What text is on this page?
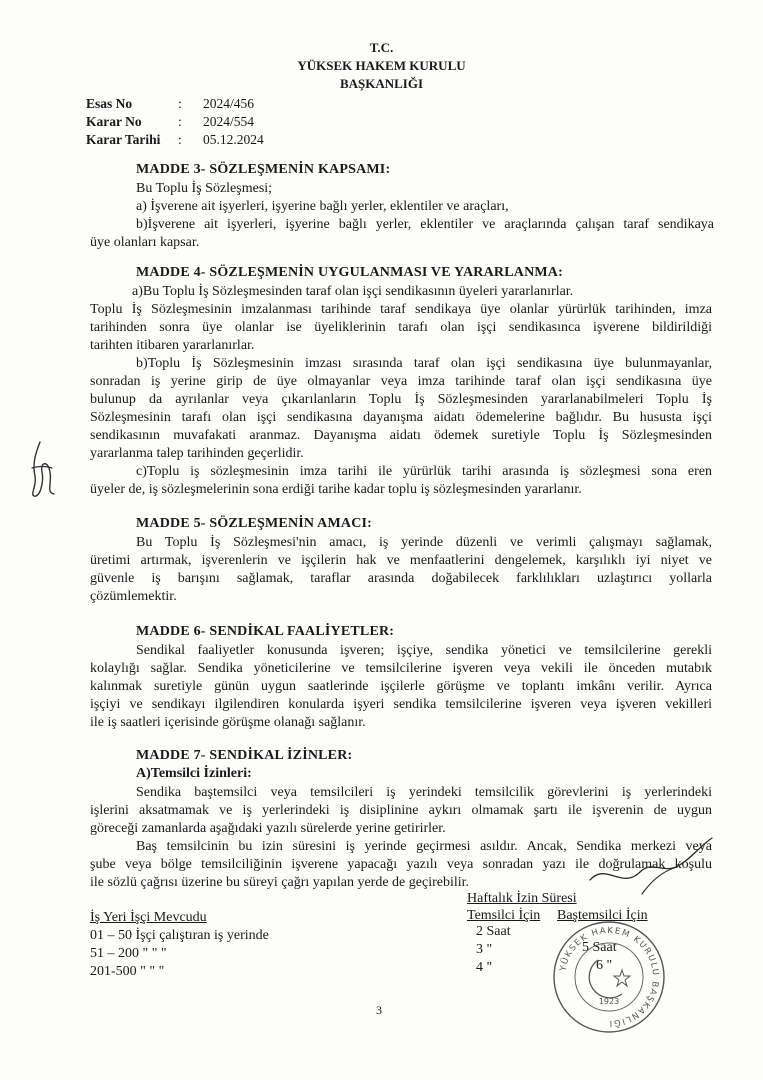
T.C.
YÜKSEK HAKEM KURULU
BAŞKANLIĞI
Esas No	: 2024/456
Karar No	: 2024/554
Karar Tarihi : 05.12.2024
MADDE 3- SÖZLEŞMENİN KAPSAMI:
Bu Toplu İş Sözleşmesi;
a) İşverene ait işyerleri, işyerine bağlı yerler, eklentiler ve araçları,
b)İşverene ait işyerleri, işyerine bağlı yerler, eklentiler ve araçlarında çalışan taraf sendikaya
üye olanları kapsar.
MADDE 4- SÖZLEŞMENİN UYGULANMASI VE YARARLANMA:
a)Bu Toplu İş Sözleşmesinden taraf olan işçi sendikasının üyeleri yararlanırlar.
Toplu İş Sözleşmesinin imzalanması tarihinde taraf sendikaya üye olanlar yürürlük tarihinden, imza
tarihinden sonra üye olanlar ise üyeliklerinin tarafı olan işçi sendikasınca işverene bildirildiği
tarihten itibaren yararlanırlar.
b)Toplu İş Sözleşmesinin imzası sırasında taraf olan işçi sendikasına üye bulunmayanlar,
sonradan iş yerine girip de üye olmayanlar veya imza tarihinde taraf olan işçi sendikasına üye
bulunup da ayrılanlar veya çıkarılanların Toplu İş Sözleşmesinden yararlanabilmeleri Toplu İş
Sözleşmesinin tarafı olan işçi sendikasına dayanışma aidatı ödemelerine bağlıdır. Bu hususta işçi
sendikasının muvafakati aranmaz. Dayanışma aidatı ödemek suretiyle Toplu İş Sözleşmesinden
yararlanma talep tarihinden geçerlidir.
c)Toplu iş sözleşmesinin imza tarihi ile yürürlük tarihi arasında iş sözleşmesi sona eren
üyeler de, iş sözleşmelerinin sona erdiği tarihe kadar toplu iş sözleşmesinden yararlanır.
MADDE 5- SÖZLEŞMENİN AMACI:
Bu Toplu İş Sözleşmesi'nin amacı, iş yerinde düzenli ve verimli çalışmayı sağlamak,
üretimi artırmak, işverenlerin ve işçilerin hak ve menfaatlerini dengelemek, karşılıklı iyi niyet ve
güvenle iş barışını sağlamak, taraflar arasında doğabilecek farklılıkları uzlaştırıcı yollarla
çözümlemektir.
MADDE 6- SENDİKAL FAALİYETLER:
Sendikal faaliyetler konusunda işveren; işçiye, sendika yönetici ve temsilcilerine gerekli
kolaylığı sağlar. Sendika yöneticilerine ve temsilcilerine işveren veya vekili ile önceden mutabık
kalınmak suretiyle günün uygun saatlerinde işçilerle görüşme ve toplantı imkânı verilir. Ayrıca
işçiyi ve sendikayı ilgilendiren konularda işyeri sendika temsilcilerine işveren veya işveren vekilleri
ile iş saatleri içerisinde görüşme olanağı sağlanır.
MADDE 7- SENDİKAL İZİNLER:
A)Temsilci İzinleri:
Sendika baştemsilci veya temsilcileri iş yerindeki temsilcilik görevlerini iş yerlerindeki
işlerini aksatmamak ve iş yerlerindeki iş disiplinine aykırı olmamak şartı ile işverenin de uygun
göreceği zamanlarda aşağıdaki yazılı sürelerde yerine getirirler.
Baş temsilcinin bu izin süresini iş yerinde geçirmesi asıldır. Ancak, Sendika merkezi veya
şube veya bölge temsilciliğinin işverene yapacağı yazılı veya sonradan yazı ile doğrulamak koşulu
ile sözlü çağrısı üzerine bu süreyi çağrı yapılan yerde de geçirebilir.
Haftalık İzin Süresi
İş Yeri İşçi Mevcudu	Temsilci İçin Baştemsilci İçin
01 – 50 İşçi çalıştıran iş yerinde	2 Saat
51 – 200 " " "	3 "	5 Saat
201-500 " " "	4 "	6 "
YÜKSEK HAKEM KURULU BAŞKANLIĞI
1923
3
